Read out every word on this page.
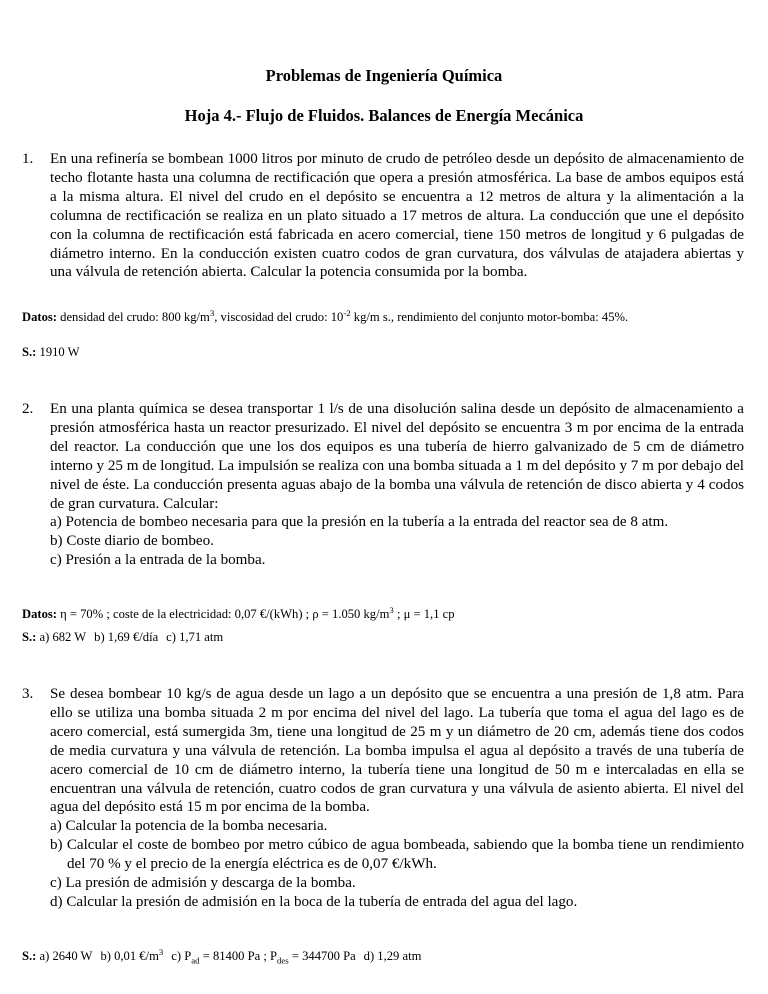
Problemas de Ingeniería Química
Hoja 4.- Flujo de Fluidos. Balances de Energía Mecánica
1. En una refinería se bombean 1000 litros por minuto de crudo de petróleo desde un depósito de almacenamiento de techo flotante hasta una columna de rectificación que opera a presión atmosférica. La base de ambos equipos está a la misma altura. El nivel del crudo en el depósito se encuentra a 12 metros de altura y la alimentación a la columna de rectificación se realiza en un plato situado a 17 metros de altura. La conducción que une el depósito con la columna de rectificación está fabricada en acero comercial, tiene 150 metros de longitud y 6 pulgadas de diámetro interno. En la conducción existen cuatro codos de gran curvatura, dos válvulas de atajadera abiertas y una válvula de retención abierta. Calcular la potencia consumida por la bomba.
Datos: densidad del crudo: 800 $kg/m^3$, viscosidad del crudo: $10^{-2}$ kg/m s., rendimiento del conjunto motor-bomba: 45%.
S.: 1910 W
2. En una planta química se desea transportar 1 l/s de una disolución salina desde un depósito de almacenamiento a presión atmosférica hasta un reactor presurizado. El nivel del depósito se encuentra 3 m por encima de la entrada del reactor. La conducción que une los dos equipos es una tubería de hierro galvanizado de 5 cm de diámetro interno y 25 m de longitud. La impulsión se realiza con una bomba situada a 1 m del depósito y 7 m por debajo del nivel de éste. La conducción presenta aguas abajo de la bomba una válvula de retención de disco abierta y 4 codos de gran curvatura. Calcular:
a) Potencia de bombeo necesaria para que la presión en la tubería a la entrada del reactor sea de 8 atm.
b) Coste diario de bombeo.
c) Presión a la entrada de la bomba.
Datos: η = 70% ; coste de la electricidad: 0,07 €/(kWh) ; ρ = 1.050 $kg/m^3$ ; μ = 1,1 cp
S.: a) 682 W b) 1,69 €/día c) 1,71 atm
3. Se desea bombear 10 kg/s de agua desde un lago a un depósito que se encuentra a una presión de 1,8 atm. Para ello se utiliza una bomba situada 2 m por encima del nivel del lago. La tubería que toma el agua del lago es de acero comercial, está sumergida 3m, tiene una longitud de 25 m y un diámetro de 20 cm, además tiene dos codos de media curvatura y una válvula de retención. La bomba impulsa el agua al depósito a través de una tubería de acero comercial de 10 cm de diámetro interno, la tubería tiene una longitud de 50 m e intercaladas en ella se encuentran una válvula de retención, cuatro codos de gran curvatura y una válvula de asiento abierta. El nivel del agua del depósito está 15 m por encima de la bomba.
a) Calcular la potencia de la bomba necesaria.
b) Calcular el coste de bombeo por metro cúbico de agua bombeada, sabiendo que la bomba tiene un rendimiento del 70 % y el precio de la energía eléctrica es de 0,07 €/kWh.
c) La presión de admisión y descarga de la bomba.
d) Calcular la presión de admisión en la boca de la tubería de entrada del agua del lago.
S.: a) 2640 W b) 0,01 $€/m^3$ c) $P_{ad} = 81400$ Pa ; $P_{des} = 344700$ Pa d) 1,29 atm
